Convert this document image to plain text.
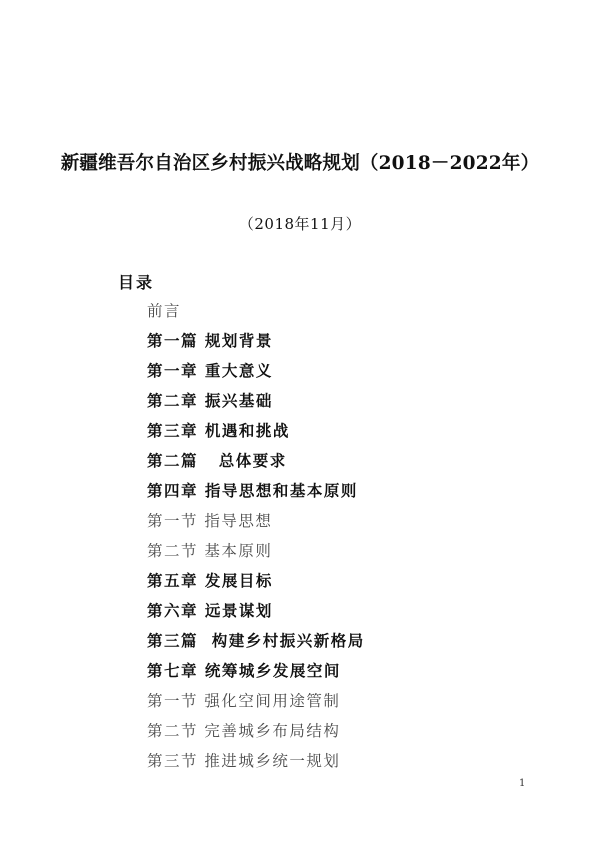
新疆维吾尔自治区乡村振兴战略规划（2018－2022年）
（2018年11月）
目录
前言
第一篇 规划背景
第一章 重大意义
第二章 振兴基础
第三章 机遇和挑战
第二篇   总体要求
第四章 指导思想和基本原则
第一节 指导思想
第二节 基本原则
第五章 发展目标
第六章 远景谋划
第三篇  构建乡村振兴新格局
第七章 统筹城乡发展空间
第一节 强化空间用途管制
第二节 完善城乡布局结构
第三节 推进城乡统一规划
1
